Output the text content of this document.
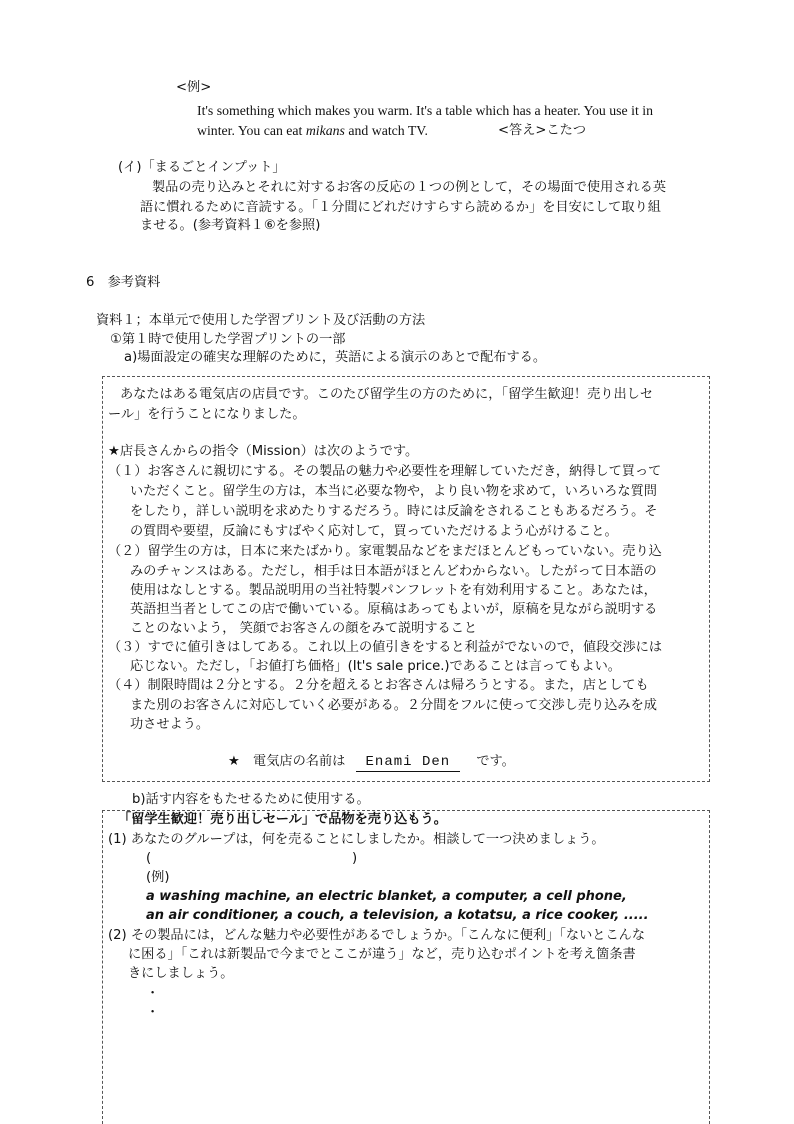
<例>
It's something which makes you warm. It's a table which has a heater. You use it in
winter. You can eat mikans and watch TV.	<答え>こたつ
(イ)「まるごとインプット」
製品の売り込みとそれに対するお客の反応の１つの例として，その場面で使用される英
語に慣れるために音読する。「１分間にどれだけすらすら読めるか」を目安にして取り組
ませる。(参考資料１⑥を参照)
6　参考資料
資料１；本単元で使用した学習プリント及び活動の方法
①第１時で使用した学習プリントの一部
a)場面設定の確実な理解のために，英語による演示のあとで配布する。
あなたはある電気店の店員です。このたび留学生の方のために，「留学生歓迎！売り出しセ
ール」を行うことになりました。
★店長さんからの指令（Mission）は次のようです。
（１）お客さんに親切にする。その製品の魅力や必要性を理解していただき，納得して買って
いただくこと。留学生の方は，本当に必要な物や，より良い物を求めて，いろいろな質問
をしたり，詳しい説明を求めたりするだろう。時には反論をされることもあるだろう。そ
の質問や要望，反論にもすばやく応対して，買っていただけるよう心がけること。
（２）留学生の方は，日本に来たばかり。家電製品などをまだほとんどもっていない。売り込
みのチャンスはある。ただし，相手は日本語がほとんどわからない。したがって日本語の
使用はなしとする。製品説明用の当社特製パンフレットを有効利用すること。あなたは，
英語担当者としてこの店で働いている。原稿はあってもよいが，原稿を見ながら説明する
ことのないよう， 笑顔でお客さんの顔をみて説明すること
（３）すでに値引きはしてある。これ以上の値引きをすると利益がでないので，値段交渉には
応じない。ただし，「お値打ち価格」(It's sale price.)であることは言ってもよい。
（４）制限時間は２分とする。２分を超えるとお客さんは帰ろうとする。また，店としても
また別のお客さんに対応していく必要がある。２分間をフルに使って交渉し売り込みを成
功させよう。
★　電気店の名前は Enami Den です。
b)話す内容をもたせるために使用する。
「留学生歓迎！売り出しセール」で品物を売り込もう。
(1) あなたのグループは，何を売ることにしましたか。相談して一つ決めましょう。
(	)
(例)
a washing machine, an electric blanket, a computer, a cell phone,
an air conditioner, a couch, a television, a kotatsu, a rice cooker, .....
(2) その製品には，どんな魅力や必要性があるでしょうか。「こんなに便利」「ないとこんな
に困る」「これは新製品で今までとここが違う」など，売り込むポイントを考え箇条書
きにしましょう。
・
・
